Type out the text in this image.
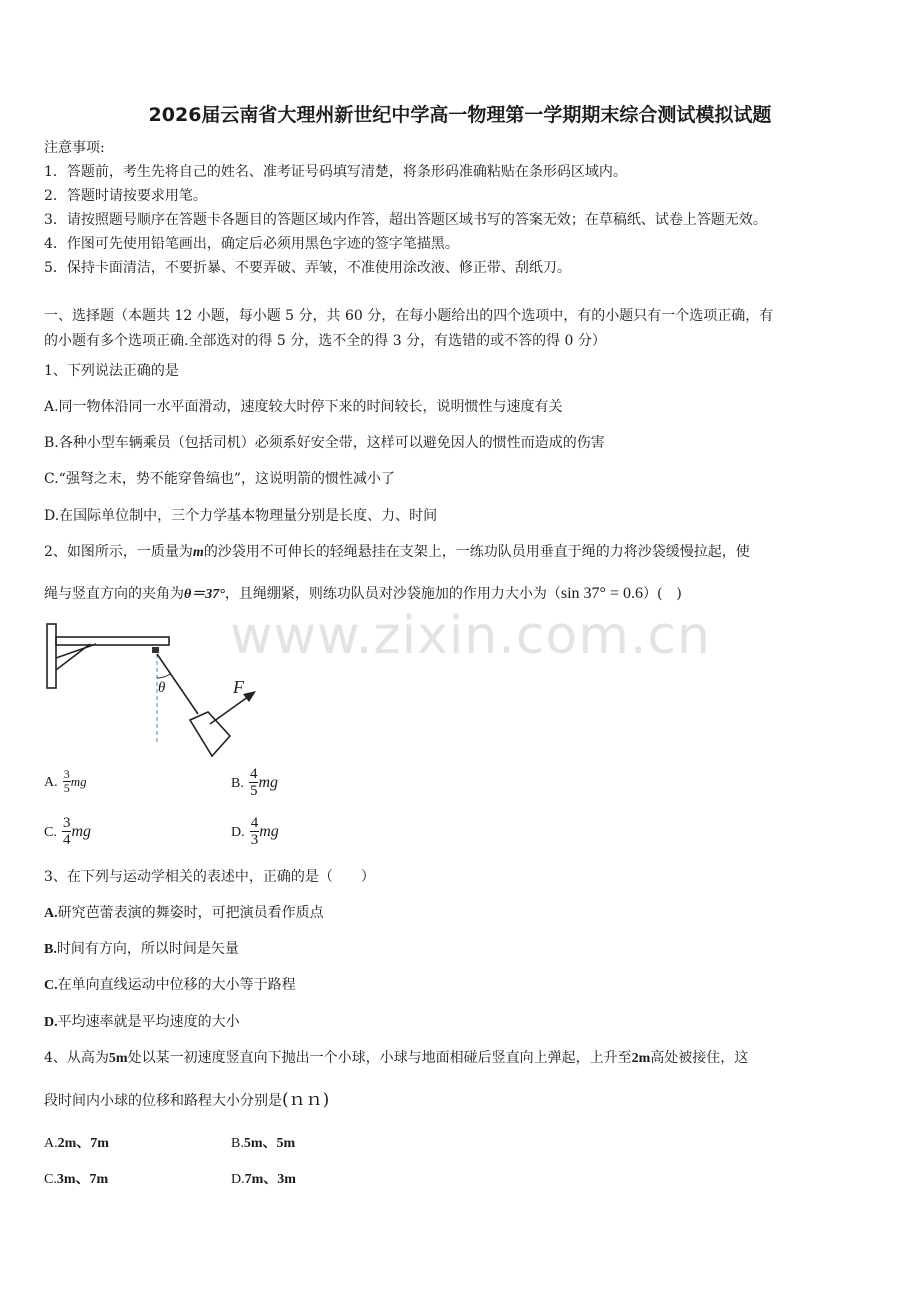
www.zixin.com.cn
2026届云南省大理州新世纪中学高一物理第一学期期末综合测试模拟试题
注意事项:
1．答题前，考生先将自己的姓名、准考证号码填写清楚，将条形码准确粘贴在条形码区域内。
2．答题时请按要求用笔。
3．请按照题号顺序在答题卡各题目的答题区域内作答，超出答题区域书写的答案无效；在草稿纸、试卷上答题无效。
4．作图可先使用铅笔画出，确定后必须用黑色字迹的签字笔描黑。
5．保持卡面清洁，不要折暴、不要弄破、弄皱，不准使用涂改液、修正带、刮纸刀。
一、选择题（本题共 12 小题，每小题 5 分，共 60 分，在每小题给出的四个选项中，有的小题只有一个选项正确，有
的小题有多个选项正确.全部选对的得 5 分，选不全的得 3 分，有选错的或不答的得 0 分）
1、下列说法正确的是
A.同一物体沿同一水平面滑动，速度较大时停下来的时间较长，说明惯性与速度有关
B.各种小型车辆乘员（包括司机）必须系好安全带，这样可以避免因人的惯性而造成的伤害
C.“强弩之末，势不能穿鲁缟也”，这说明箭的惯性减小了
D.在国际单位制中，三个力学基本物理量分别是长度、力、时间
2、如图所示，一质量为m的沙袋用不可伸长的轻绳悬挂在支架上，一练功队员用垂直于绳的力将沙袋缓慢拉起，使
绳与竖直方向的夹角为θ＝37°，且绳绷紧，则练功队员对沙袋施加的作用力大小为（sin 37° = 0.6）(　)
θ	F
A. $\frac{3}{5}$ mg	B. $\frac{4}{5}$ mg
C. $\frac{3}{4}$ mg	D. $\frac{4}{3}$ mg
3、在下列与运动学相关的表述中，正确的是（　　）
A.研究芭蕾表演的舞姿时，可把演员看作质点
B.时间有方向，所以时间是矢量
C.在单向直线运动中位移的大小等于路程
D.平均速率就是平均速度的大小
4、从高为5m处以某一初速度竖直向下抛出一个小球，小球与地面相碰后竖直向上弹起，上升至2m高处被接住，这
段时间内小球的位移和路程大小分别是(ｎｎ)
A.2m、7m	B.5m、5m
C.3m、7m	D.7m、3m
